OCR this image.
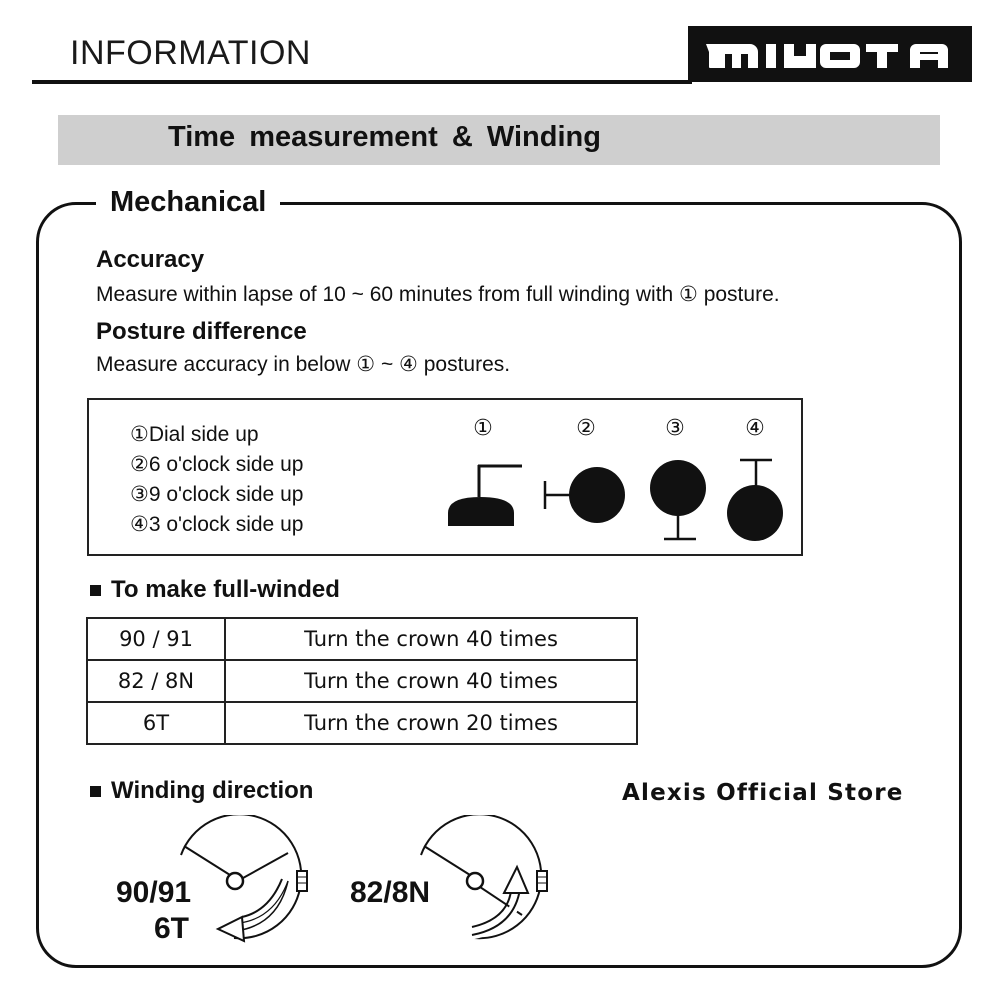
INFORMATION
Time measurement & Winding
Mechanical
Accuracy
Measure within lapse of 10 ~ 60 minutes from full winding with ① posture.
Posture difference
Measure accuracy in below ① ~ ④ postures.
①Dial side up
②6 o'clock side up
③9 o'clock side up
④3 o'clock side up
①	②	③	④
To make full-winded
90 / 91	Turn the crown 40 times
82 / 8N	Turn the crown 40 times
6T	Turn the crown 20 times
Winding direction	Alexis Official Store
90/91
6T
82/8N
